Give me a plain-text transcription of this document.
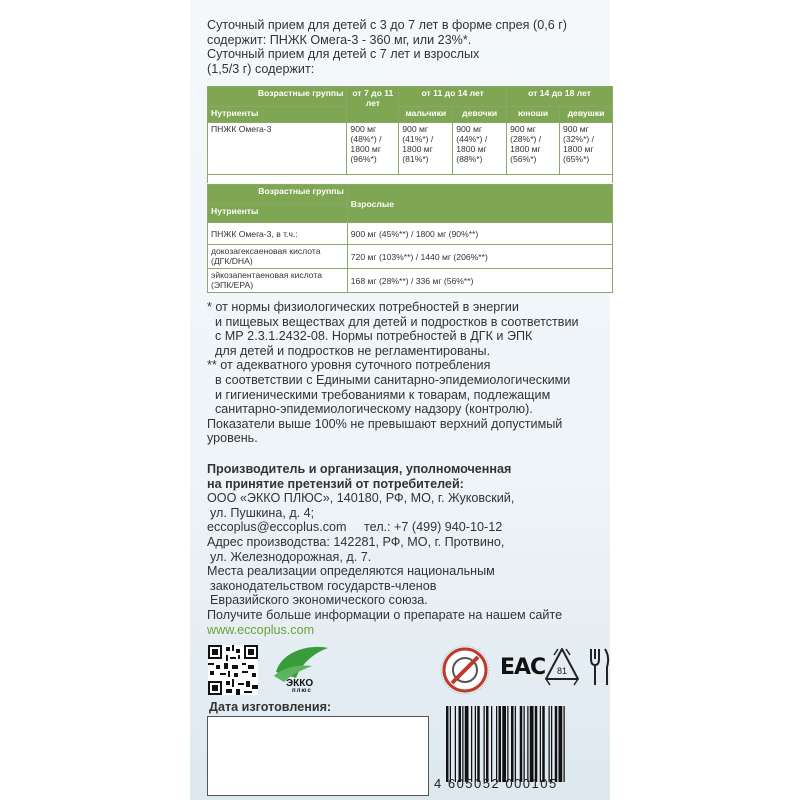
Суточный прием для детей с 3 до 7 лет в форме спрея (0,6 г)
содержит: ПНЖК Омега-3 - 360 мг, или 23%*.
Суточный прием для детей с 7 лет и взрослых
(1,5/3 г) содержит:
Возрастные группы	от 7 до 11 лет	от 11 до 14 лет		от 14 до 18 лет	
Нутриенты		мальчики	девочки	юноши	девушки
ПНЖК Омега-3	900 мг (48%*) / 1800 мг (96%*)	900 мг (41%*) / 1800 мг (81%*)	900 мг (44%*) / 1800 мг (88%*)	900 мг (28%*) / 1800 мг (56%*)	900 мг (32%*) / 1800 мг (65%*)

Возрастные группы	Взрослые
Нутриенты	
ПНЖК Омега-3, в т.ч.:	900 мг (45%**) / 1800 мг (90%**)
докозагексаеновая кислота (ДГК/DНА)	720 мг (103%**) / 1440 мг (206%**)
эйкозапентаеновая кислота (ЭПК/ЕРА)	168 мг (28%**) / 336 мг (56%**)
* от нормы физиологических потребностей в энергии
и пищевых веществах для детей и подростков в соответствии
с МР 2.3.1.2432-08. Нормы потребностей в ДГК и ЭПК
для детей и подростков не регламентированы.
** от адекватного уровня суточного потребления
в соответствии с Едиными санитарно-эпидемиологическими
и гигиеническими требованиями к товарам, подлежащим
санитарно-эпидемиологическому надзору (контролю).
Показатели выше 100% не превышают верхний допустимый
уровень.
Производитель и организация, уполномоченная
на принятие претензий от потребителей:
ООО «ЭККО ПЛЮС», 140180, РФ, МО, г. Жуковский,
ул. Пушкина, д. 4;
eccoplus@eccoplus.com     тел.: +7 (499) 940-10-12
Адрес производства: 142281, РФ, МО, г. Протвино,
ул. Железнодорожная, д. 7.
Места реализации определяются национальным
законодательством государств-членов
Евразийского экономического союза.
Получите больше информации о препарате на нашем сайте
www.eccoplus.com
ЭККО
плюс
EAC 81
Дата изготовления:
4 605052 000105
